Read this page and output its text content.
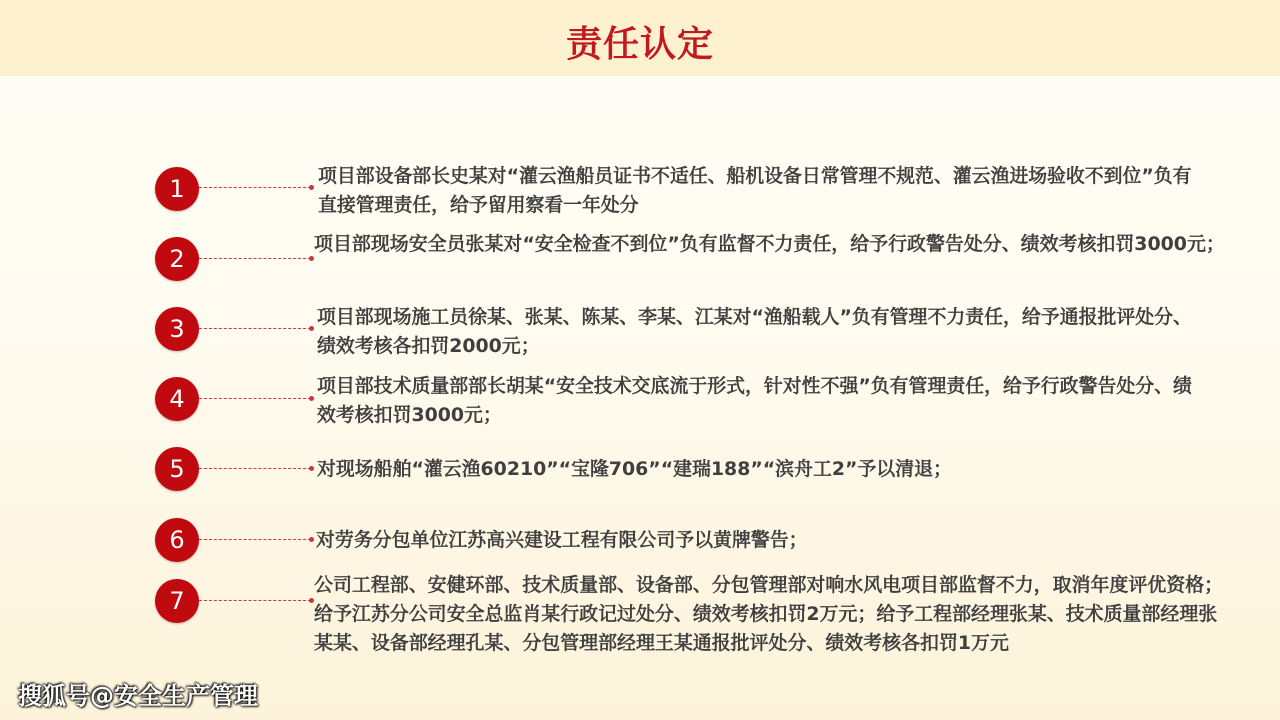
责任认定
1	项目部设备部长史某对“灌云渔船员证书不适任、船机设备日常管理不规范、灌云渔进场验收不到位”负有
直接管理责任，给予留用察看一年处分

2

项目部现场安全员张某对“安全检查不到位”负有监督不力责任，给予行政警告处分、绩效考核扣罚3000元；

3	项目部现场施工员徐某、张某、陈某、李某、江某对“渔船载人”负有管理不力责任，给予通报批评处分、
绩效考核各扣罚2000元；

4	项目部技术质量部部长胡某“安全技术交底流于形式，针对性不强”负有管理责任，给予行政警告处分、绩
效考核扣罚3000元；

5	对现场船舶“灌云渔60210”“宝隆706”“建瑞188”“滨舟工2”予以清退；

6	对劳务分包单位江苏高兴建设工程有限公司予以黄牌警告；

7

公司工程部、安健环部、技术质量部、设备部、分包管理部对响水风电项目部监督不力，取消年度评优资格；
给予江苏分公司安全总监肖某行政记过处分、绩效考核扣罚2万元；给予工程部经理张某、技术质量部经理张
某某、设备部经理孔某、分包管理部经理王某通报批评处分、绩效考核各扣罚1万元

搜狐号@安全生产管理
